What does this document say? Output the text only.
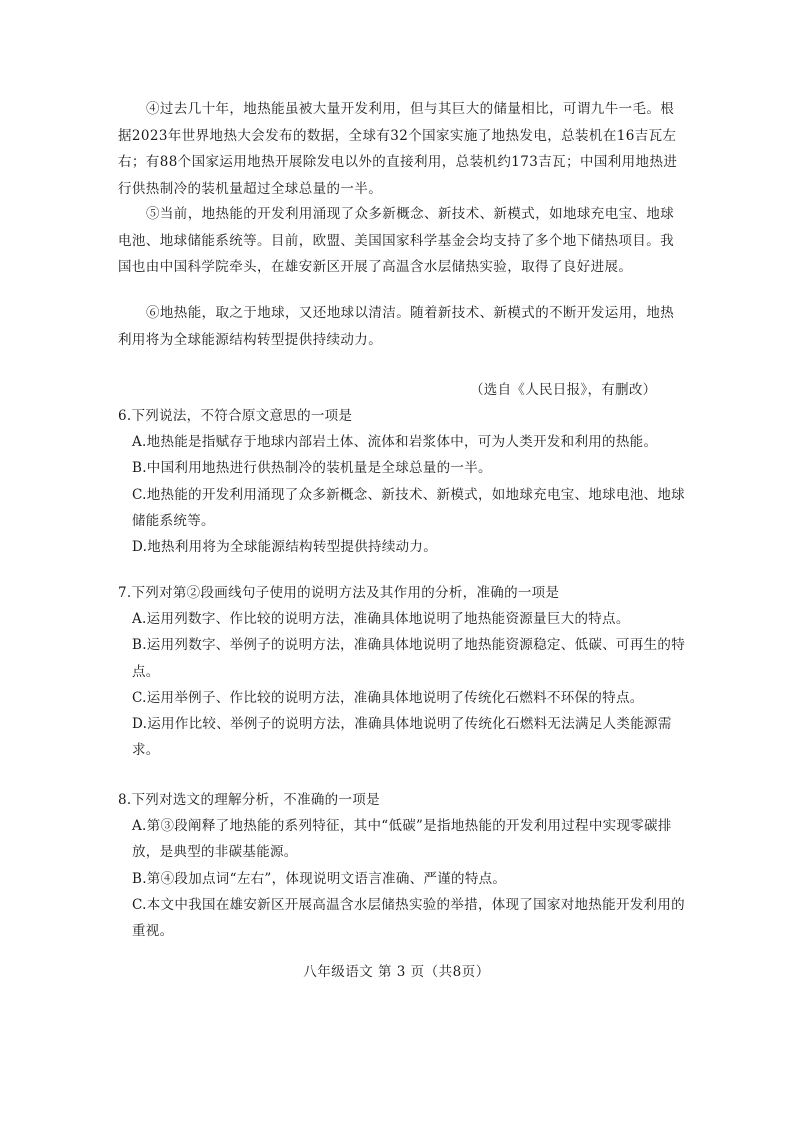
④过去几十年，地热能虽被大量开发利用，但与其巨大的储量相比，可谓九牛一毛。根据2023年世界地热大会发布的数据，全球有32个国家实施了地热发电，总装机在16吉瓦左右；有88个国家运用地热开展除发电以外的直接利用，总装机约173吉瓦；中国利用地热进行供热制冷的装机量超过全球总量的一半。

⑤当前，地热能的开发利用涌现了众多新概念、新技术、新模式，如地球充电宝、地球电池、地球储能系统等。目前，欧盟、美国国家科学基金会均支持了多个地下储热项目。我国也由中国科学院牵头，在雄安新区开展了高温含水层储热实验，取得了良好进展。

⑥地热能，取之于地球，又还地球以清洁。随着新技术、新模式的不断开发运用，地热利用将为全球能源结构转型提供持续动力。

（选自《人民日报》，有删改）
6.下列说法，不符合原文意思的一项是
A.地热能是指赋存于地球内部岩土体、流体和岩浆体中，可为人类开发和利用的热能。
B.中国利用地热进行供热制冷的装机量是全球总量的一半。
C.地热能的开发利用涌现了众多新概念、新技术、新模式，如地球充电宝、地球电池、地球储能系统等。
D.地热利用将为全球能源结构转型提供持续动力。
7.下列对第②段画线句子使用的说明方法及其作用的分析，准确的一项是
A.运用列数字、作比较的说明方法，准确具体地说明了地热能资源量巨大的特点。
B.运用列数字、举例子的说明方法，准确具体地说明了地热能资源稳定、低碳、可再生的特点。
C.运用举例子、作比较的说明方法，准确具体地说明了传统化石燃料不环保的特点。
D.运用作比较、举例子的说明方法，准确具体地说明了传统化石燃料无法满足人类能源需求。
8.下列对选文的理解分析，不准确的一项是
A.第③段阐释了地热能的系列特征，其中“低碳”是指地热能的开发利用过程中实现零碳排放，是典型的非碳基能源。
B.第④段加点词“左右”，体现说明文语言准确、严谨的特点。
C.本文中我国在雄安新区开展高温含水层储热实验的举措，体现了国家对地热能开发利用的重视。
八年级语文 第 3 页（共8页）
